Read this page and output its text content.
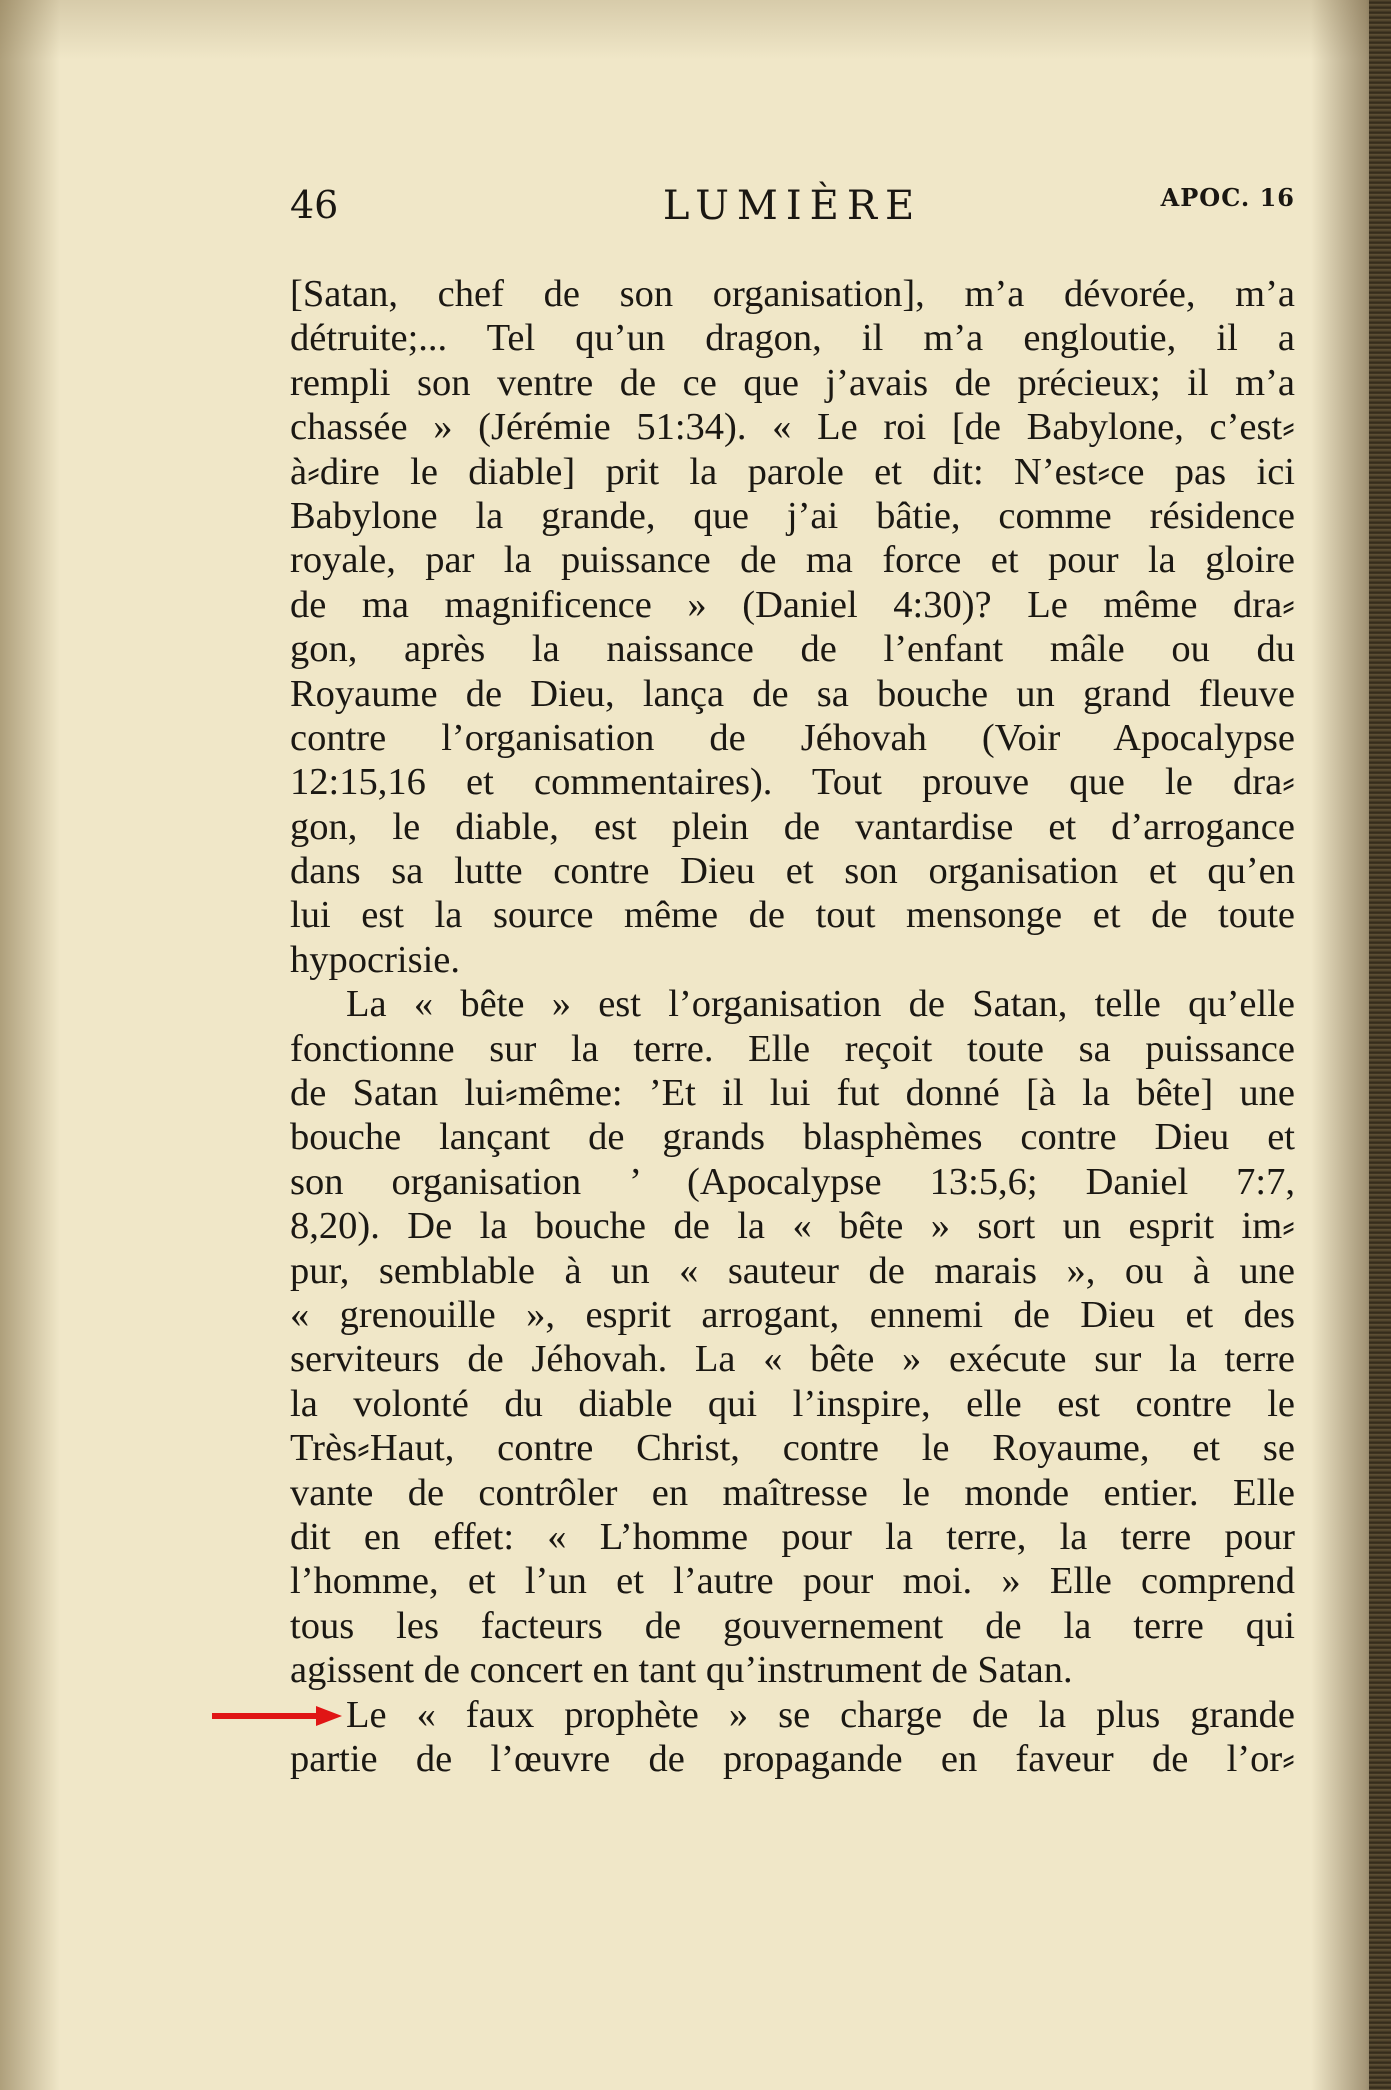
46	LUMIÈRE	APOC. 16
[Satan, chef de son organisation], m’a dévorée, m’a
détruite;... Tel qu’un dragon, il m’a engloutie, il a
rempli son ventre de ce que j’avais de précieux; il m’a
chassée » (Jérémie 51:34). « Le roi [de Babylone, c’est⸗
à⸗dire le diable] prit la parole et dit: N’est⸗ce pas ici
Babylone la grande, que j’ai bâtie, comme résidence
royale, par la puissance de ma force et pour la gloire
de ma magnificence » (Daniel 4:30)? Le même dra⸗
gon, après la naissance de l’enfant mâle ou du
Royaume de Dieu, lança de sa bouche un grand fleuve
contre l’organisation de Jéhovah (Voir Apocalypse
12:15,16 et commentaires). Tout prouve que le dra⸗
gon, le diable, est plein de vantardise et d’arrogance
dans sa lutte contre Dieu et son organisation et qu’en
lui est la source même de tout mensonge et de toute
hypocrisie.
La « bête » est l’organisation de Satan, telle qu’elle
fonctionne sur la terre. Elle reçoit toute sa puissance
de Satan lui⸗même: ’Et il lui fut donné [à la bête] une
bouche lançant de grands blasphèmes contre Dieu et
son organisation ’ (Apocalypse 13:5,6; Daniel 7:7,
8,20). De la bouche de la « bête » sort un esprit im⸗
pur, semblable à un « sauteur de marais », ou à une
« grenouille », esprit arrogant, ennemi de Dieu et des
serviteurs de Jéhovah. La « bête » exécute sur la terre
la volonté du diable qui l’inspire, elle est contre le
Très⸗Haut, contre Christ, contre le Royaume, et se
vante de contrôler en maîtresse le monde entier. Elle
dit en effet: « L’homme pour la terre, la terre pour
l’homme, et l’un et l’autre pour moi. » Elle comprend
tous les facteurs de gouvernement de la terre qui
agissent de concert en tant qu’instrument de Satan.
Le « faux prophète » se charge de la plus grande
partie de l’œuvre de propagande en faveur de l’or⸗
